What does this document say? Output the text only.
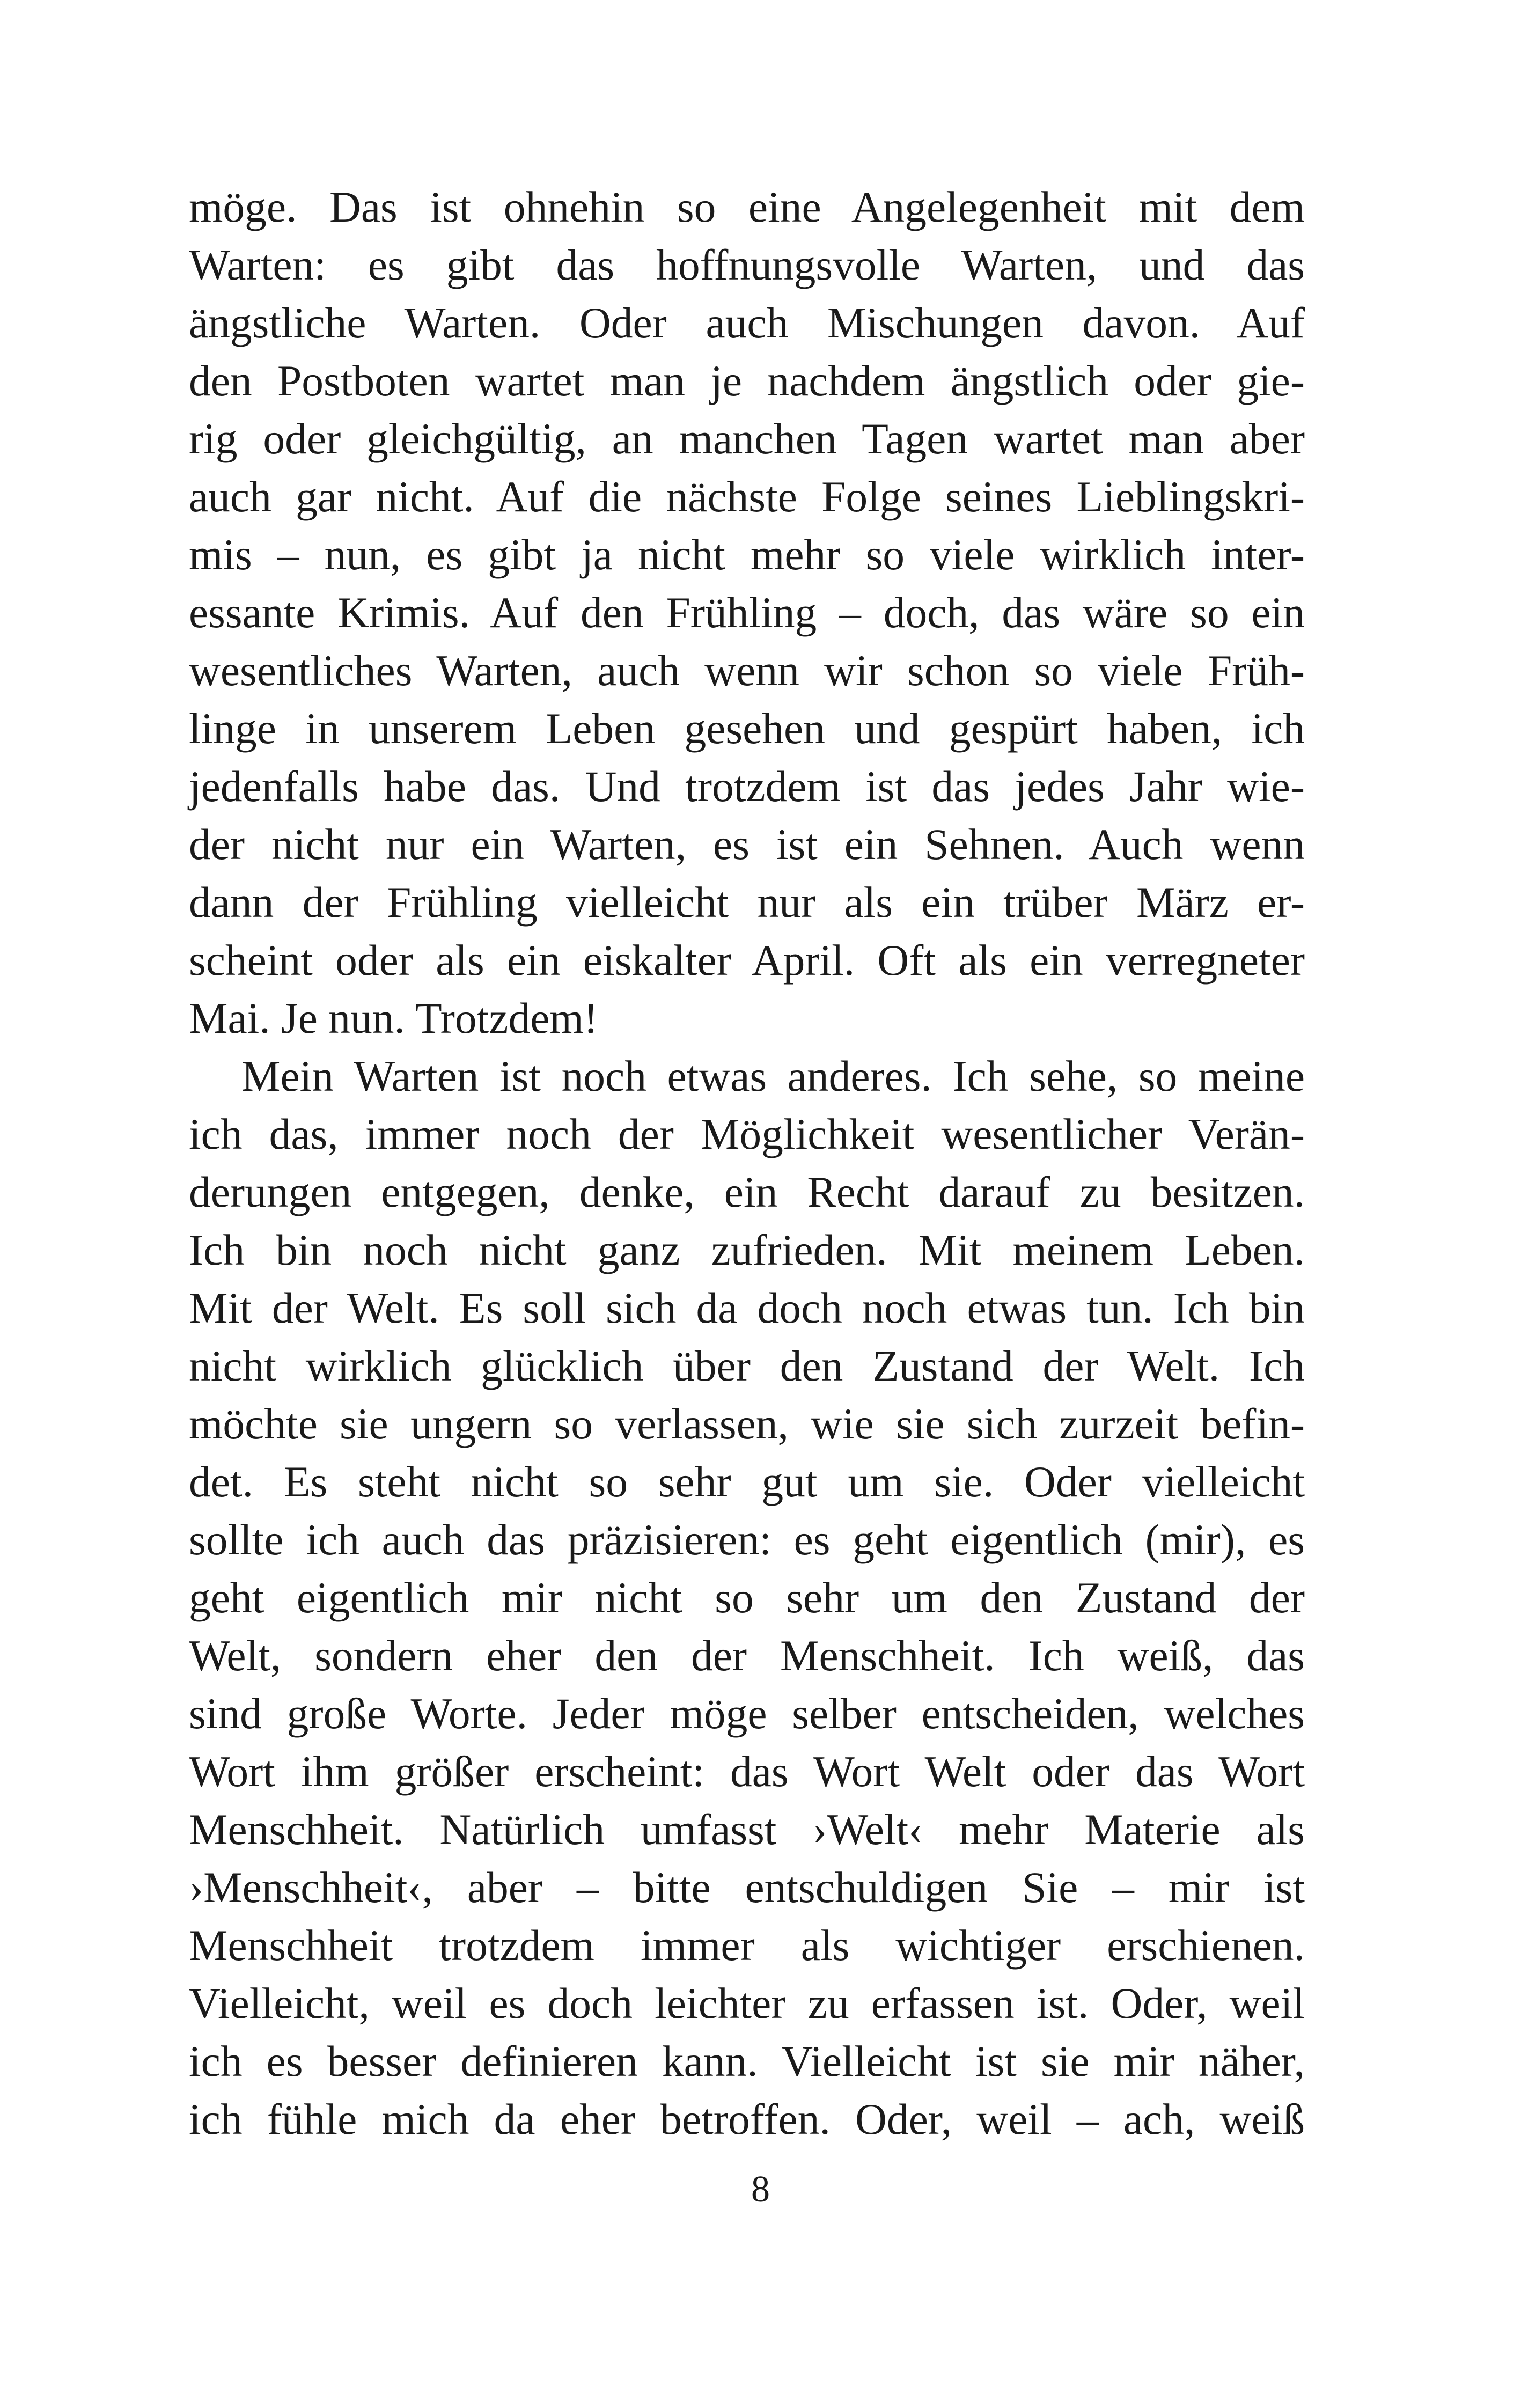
möge. Das ist ohnehin so eine Angelegenheit mit dem
Warten: es gibt das hoffnungsvolle Warten, und das
ängstliche Warten. Oder auch Mischungen davon. Auf
den Postboten wartet man je nachdem ängstlich oder gie-
rig oder gleichgültig, an manchen Tagen wartet man aber
auch gar nicht. Auf die nächste Folge seines Lieblingskri-
mis – nun, es gibt ja nicht mehr so viele wirklich inter-
essante Krimis. Auf den Frühling – doch, das wäre so ein
wesentliches Warten, auch wenn wir schon so viele Früh-
linge in unserem Leben gesehen und gespürt haben, ich
jedenfalls habe das. Und trotzdem ist das jedes Jahr wie-
der nicht nur ein Warten, es ist ein Sehnen. Auch wenn
dann der Frühling vielleicht nur als ein trüber März er-
scheint oder als ein eiskalter April. Oft als ein verregneter
Mai. Je nun. Trotzdem!
Mein Warten ist noch etwas anderes. Ich sehe, so meine
ich das, immer noch der Möglichkeit wesentlicher Verän-
derungen entgegen, denke, ein Recht darauf zu besitzen.
Ich bin noch nicht ganz zufrieden. Mit meinem Leben.
Mit der Welt. Es soll sich da doch noch etwas tun. Ich bin
nicht wirklich glücklich über den Zustand der Welt. Ich
möchte sie ungern so verlassen, wie sie sich zurzeit befin-
det. Es steht nicht so sehr gut um sie. Oder vielleicht
sollte ich auch das präzisieren: es geht eigentlich (mir), es
geht eigentlich mir nicht so sehr um den Zustand der
Welt, sondern eher den der Menschheit. Ich weiß, das
sind große Worte. Jeder möge selber entscheiden, welches
Wort ihm größer erscheint: das Wort Welt oder das Wort
Menschheit. Natürlich umfasst ›Welt‹ mehr Materie als
›Menschheit‹, aber – bitte entschuldigen Sie – mir ist
Menschheit trotzdem immer als wichtiger erschienen.
Vielleicht, weil es doch leichter zu erfassen ist. Oder, weil
ich es besser definieren kann. Vielleicht ist sie mir näher,
ich fühle mich da eher betroffen. Oder, weil – ach, weiß
8
